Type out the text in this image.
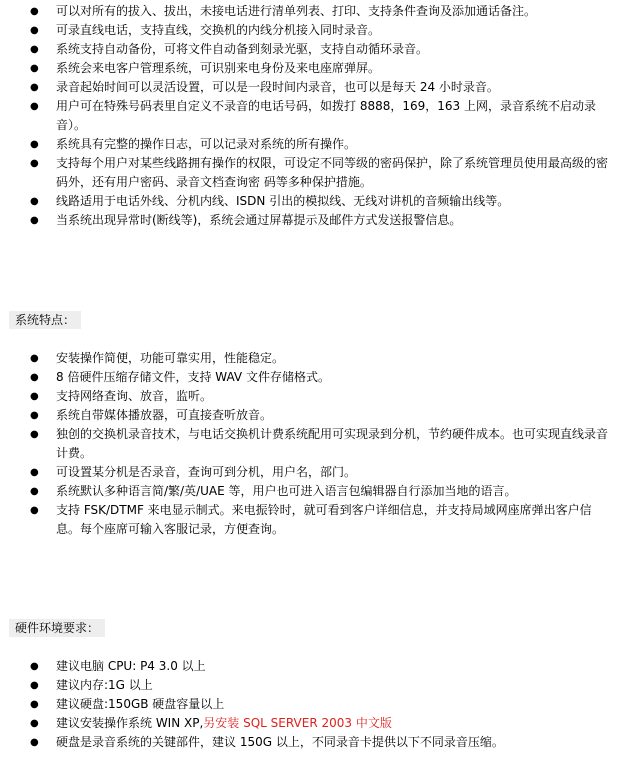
● 可以对所有的拔入、拔出，未接电话进行清单列表、打印、支持条件查询及添加通话备注。
● 可录直线电话，支持直线，交换机的内线分机接入同时录音。
● 系统支持自动备份，可将文件自动备到刻录光驱，支持自动循环录音。
● 系统会来电客户管理系统，可识别来电身份及来电座席弹屏。
● 录音起始时间可以灵活设置，可以是一段时间内录音，也可以是每天 24 小时录音。
● 用户可在特殊号码表里自定义不录音的电话号码，如拨打 8888，169，163 上网，录音系统不启动录音）。
● 系统具有完整的操作日志，可以记录对系统的所有操作。
● 支持每个用户对某些线路拥有操作的权限，可设定不同等级的密码保护，除了系统管理员使用最高级的密码外，还有用户密码、录音文档查询密 码等多种保护措施。
● 线路适用于电话外线、分机内线、ISDN 引出的模拟线、无线对讲机的音频输出线等。
● 当系统出现异常时(断线等)，系统会通过屏幕提示及邮件方式发送报警信息。
系统特点：
● 安装操作简便，功能可靠实用，性能稳定。
● 8 倍硬件压缩存储文件，支持 WAV 文件存储格式。
● 支持网络查询、放音，监听。
● 系统自带媒体播放器，可直接查听放音。
● 独创的交换机录音技术，与电话交换机计费系统配用可实现录到分机，节约硬件成本。也可实现直线录音计费。
● 可设置某分机是否录音，查询可到分机，用户名，部门。
● 系统默认多种语言简/繁/英/UAE 等，用户也可进入语言包编辑器自行添加当地的语言。
● 支持 FSK/DTMF 来电显示制式。来电振铃时，就可看到客户详细信息，并支持局域网座席弹出客户信息。每个座席可输入客服记录，方便查询。
硬件环境要求：
● 建议电脑 CPU: P4 3.0 以上
● 建议内存:1G 以上
● 建议硬盘:150GB 硬盘容量以上
● 建议安装操作系统 WIN XP,另安装 SQL SERVER 2003 中文版
● 硬盘是录音系统的关键部件，建议 150G 以上，不同录音卡提供以下不同录音压缩。
